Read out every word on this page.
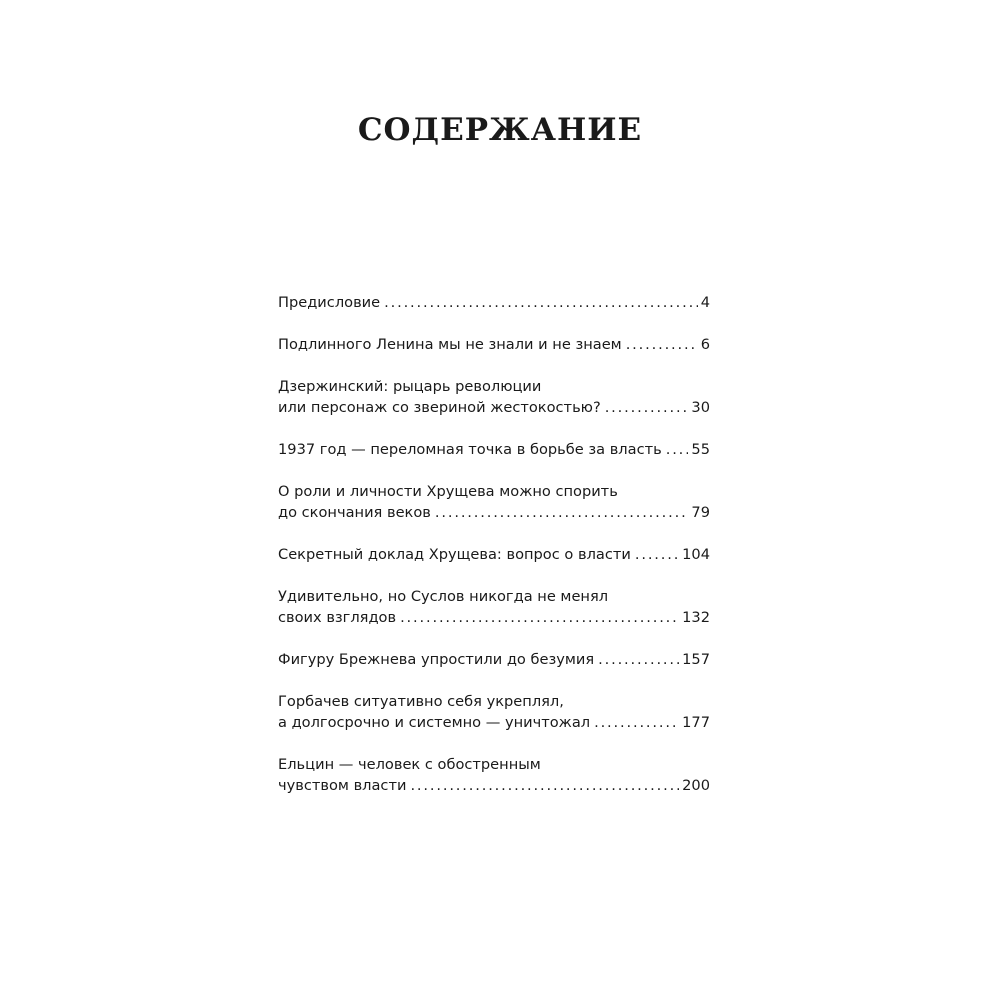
СОДЕРЖАНИЕ
Предисловие . . .	4
Подлинного Ленина мы не знали и не знаем . . .	6
Дзержинский: рыцарь революции
или персонаж со звериной жестокостью? . . .	30
1937 год — переломная точка в борьбе за власть . . . 55
О роли и личности Хрущева можно спорить
до скончания веков . . .	79
Секретный доклад Хрущева: вопрос о власти . . .	104
Удивительно, но Суслов никогда не менял
своих взглядов . . .	132
Фигуру Брежнева упростили до безумия . . .	157
Горбачев ситуативно себя укреплял,
а долгосрочно и системно — уничтожал . . .	177
Ельцин — человек с обостренным
чувством власти . . .	200
